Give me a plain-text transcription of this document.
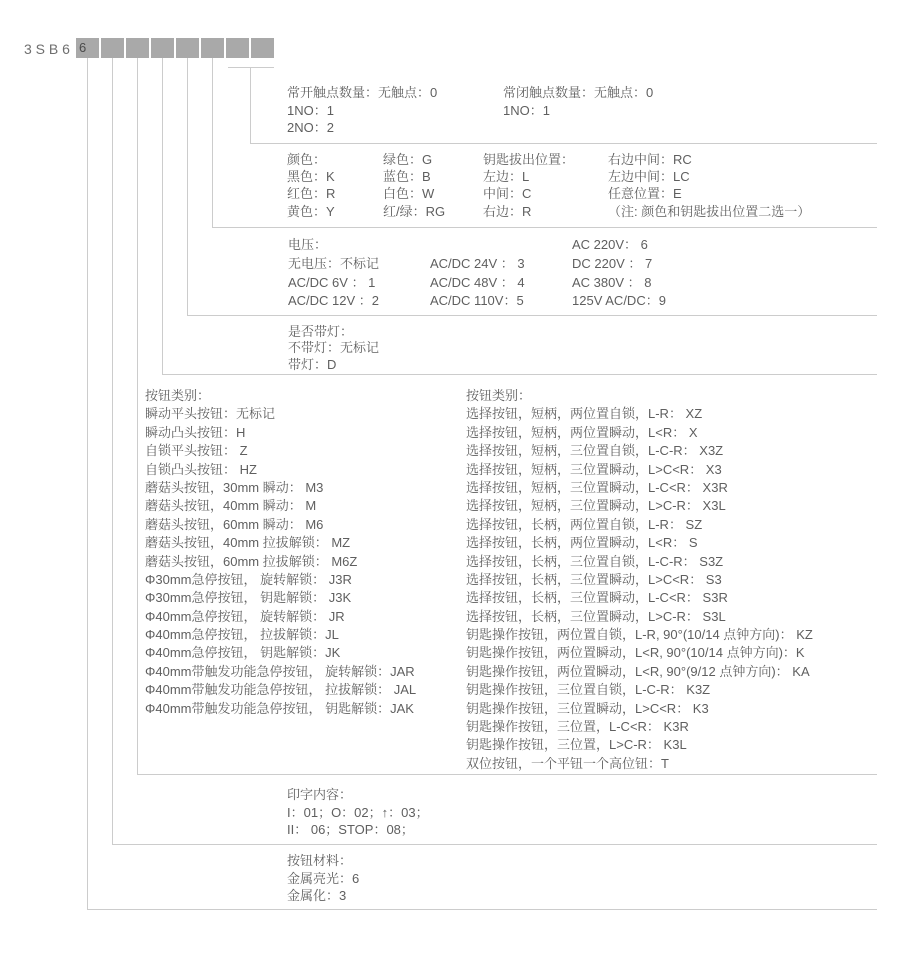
3 S B 6 6

常开触点数量：无触点：0
1NO：1
2NO：2
常闭触点数量：无触点：0
1NO：1
颜色：
黑色：K
红色：R
黄色：Y
绿色：G
蓝色：B
白色：W
红/绿：RG
钥匙拔出位置：
左边：L
中间：C
右边：R
右边中间：RC
左边中间：LC
任意位置：E
（注: 颜色和钥匙拔出位置二选一）
电压：
无电压：不标记
AC/DC 6V ： 1
AC/DC 12V ：2

AC/DC 24V ： 3
AC/DC 48V ： 4
AC/DC 110V：5
AC 220V： 6
DC 220V ： 7
AC 380V ： 8
125V AC/DC：9
是否带灯：
不带灯：无标记
带灯：D
按钮类别：
瞬动平头按钮：无标记
瞬动凸头按钮：H
自锁平头按钮： Z
自锁凸头按钮： HZ
蘑菇头按钮，30mm 瞬动： M3
蘑菇头按钮，40mm 瞬动： M
蘑菇头按钮，60mm 瞬动： M6
蘑菇头按钮，40mm 拉拔解锁： MZ
蘑菇头按钮，60mm 拉拔解锁： M6Z
Φ30mm急停按钮， 旋转解锁： J3R
Φ30mm急停按钮， 钥匙解锁： J3K
Φ40mm急停按钮， 旋转解锁： JR
Φ40mm急停按钮， 拉拔解锁：JL
Φ40mm急停按钮， 钥匙解锁：JK
Φ40mm带触发功能急停按钮， 旋转解锁：JAR
Φ40mm带触发功能急停按钮， 拉拔解锁： JAL
Φ40mm带触发功能急停按钮， 钥匙解锁：JAK
按钮类别：
选择按钮，短柄，两位置自锁，L-R： XZ
选择按钮，短柄，两位置瞬动，L<R： X
选择按钮，短柄，三位置自锁，L-C-R： X3Z
选择按钮，短柄，三位置瞬动，L>C<R： X3
选择按钮，短柄，三位置瞬动，L-C<R： X3R
选择按钮，短柄，三位置瞬动，L>C-R： X3L
选择按钮，长柄，两位置自锁，L-R： SZ
选择按钮，长柄，两位置瞬动，L<R： S
选择按钮，长柄，三位置自锁，L-C-R： S3Z
选择按钮，长柄，三位置瞬动，L>C<R： S3
选择按钮，长柄，三位置瞬动，L-C<R： S3R
选择按钮，长柄，三位置瞬动，L>C-R： S3L
钥匙操作按钮，两位置自锁，L-R, 90°(10/14 点钟方向)： KZ
钥匙操作按钮，两位置瞬动，L<R, 90°(10/14 点钟方向)：K
钥匙操作按钮，两位置瞬动，L<R, 90°(9/12 点钟方向)： KA
钥匙操作按钮，三位置自锁，L-C-R： K3Z
钥匙操作按钮，三位置瞬动，L>C<R： K3
钥匙操作按钮，三位置，L-C<R： K3R
钥匙操作按钮，三位置，L>C-R： K3L
双位按钮，一个平钮一个高位钮：T
印字内容：
I：01；O：02；↑：03；
II： 06；STOP：08；
按钮材料：
金属亮光：6
金属化：3
